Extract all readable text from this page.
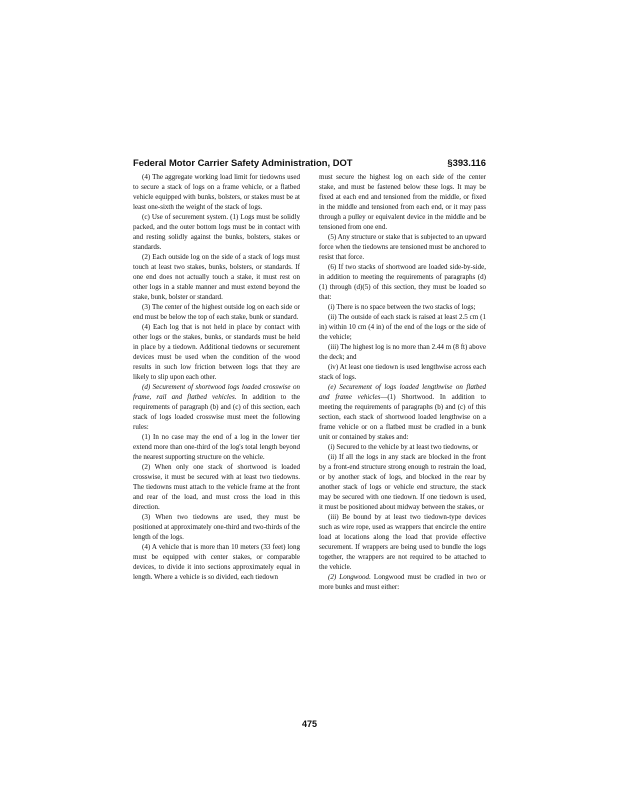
Federal Motor Carrier Safety Administration, DOT	§393.116

(4) The aggregate working load limit for tiedowns used to secure a stack of logs on a frame vehicle, or a flatbed vehicle equipped with bunks, bolsters, or stakes must be at least one-sixth the weight of the stack of logs.

(c) Use of securement system. (1) Logs must be solidly packed, and the outer bottom logs must be in contact with and resting solidly against the bunks, bolsters, stakes or standards.

(2) Each outside log on the side of a stack of logs must touch at least two stakes, bunks, bolsters, or standards. If one end does not actually touch a stake, it must rest on other logs in a stable manner and must extend beyond the stake, bunk, bolster or standard.

(3) The center of the highest outside log on each side or end must be below the top of each stake, bunk or standard.

(4) Each log that is not held in place by contact with other logs or the stakes, bunks, or standards must be held in place by a tiedown. Additional tiedowns or securement devices must be used when the condition of the wood results in such low friction between logs that they are likely to slip upon each other.

(d) Securement of shortwood logs loaded crosswise on frame, rail and flatbed vehicles. In addition to the requirements of paragraph (b) and (c) of this section, each stack of logs loaded crosswise must meet the following rules:

(1) In no case may the end of a log in the lower tier extend more than one-third of the log's total length beyond the nearest supporting structure on the vehicle.

(2) When only one stack of shortwood is loaded crosswise, it must be secured with at least two tiedowns. The tiedowns must attach to the vehicle frame at the front and rear of the load, and must cross the load in this direction.

(3) When two tiedowns are used, they must be positioned at approximately one-third and two-thirds of the length of the logs.

(4) A vehicle that is more than 10 meters (33 feet) long must be equipped with center stakes, or comparable devices, to divide it into sections approximately equal in length. Where a vehicle is so divided, each tiedown

must secure the highest log on each side of the center stake, and must be fastened below these logs. It may be fixed at each end and tensioned from the middle, or fixed in the middle and tensioned from each end, or it may pass through a pulley or equivalent device in the middle and be tensioned from one end.

(5) Any structure or stake that is subjected to an upward force when the tiedowns are tensioned must be anchored to resist that force.

(6) If two stacks of shortwood are loaded side-by-side, in addition to meeting the requirements of paragraphs (d)(1) through (d)(5) of this section, they must be loaded so that:

(i) There is no space between the two stacks of logs;

(ii) The outside of each stack is raised at least 2.5 cm (1 in) within 10 cm (4 in) of the end of the logs or the side of the vehicle;

(iii) The highest log is no more than 2.44 m (8 ft) above the deck; and

(iv) At least one tiedown is used lengthwise across each stack of logs.

(e) Securement of logs loaded lengthwise on flatbed and frame vehicles—(1) Shortwood. In addition to meeting the requirements of paragraphs (b) and (c) of this section, each stack of shortwood loaded lengthwise on a frame vehicle or on a flatbed must be cradled in a bunk unit or contained by stakes and:

(i) Secured to the vehicle by at least two tiedowns, or

(ii) If all the logs in any stack are blocked in the front by a front-end structure strong enough to restrain the load, or by another stack of logs, and blocked in the rear by another stack of logs or vehicle end structure, the stack may be secured with one tiedown. If one tiedown is used, it must be positioned about midway between the stakes, or

(iii) Be bound by at least two tiedown-type devices such as wire rope, used as wrappers that encircle the entire load at locations along the load that provide effective securement. If wrappers are being used to bundle the logs together, the wrappers are not required to be attached to the vehicle.

(2) Longwood. Longwood must be cradled in two or more bunks and must either:

475
